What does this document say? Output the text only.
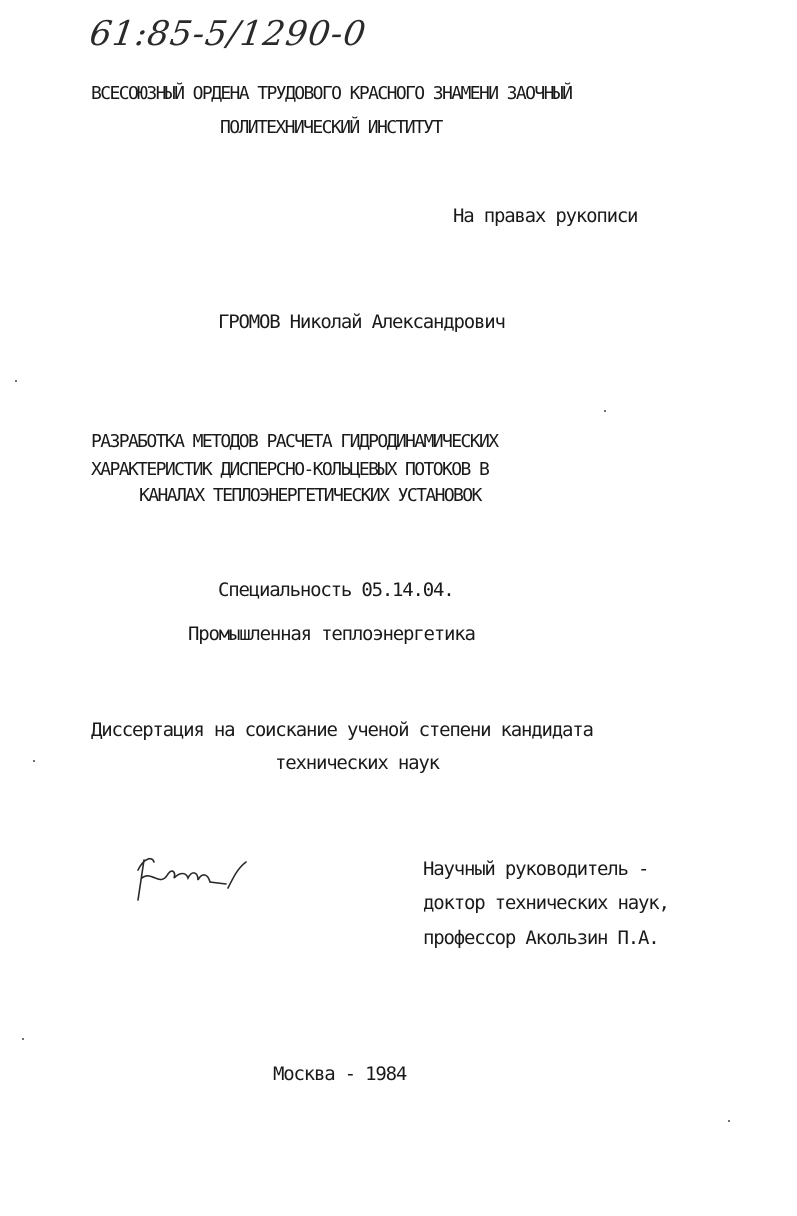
61:85-5/1290-0
ВСЕСОЮЗНЫЙ ОРДЕНА ТРУДОВОГО КРАСНОГО ЗНАМЕНИ ЗАОЧНЫЙ
ПОЛИТЕХНИЧЕСКИЙ ИНСТИТУТ
На правах рукописи
ГРОМОВ Николай Александрович
РАЗРАБОТКА МЕТОДОВ РАСЧЕТА ГИДРОДИНАМИЧЕСКИХ
ХАРАКТЕРИСТИК ДИСПЕРСНО-КОЛЬЦЕВЫХ ПОТОКОВ В
КАНАЛАХ ТЕПЛОЭНЕРГЕТИЧЕСКИХ УСТАНОВОК
Специальность 05.14.04.
Промышленная теплоэнергетика
Диссертация на соискание ученой степени кандидата
технических наук
Научный руководитель -
доктор технических наук,
профессор Акользин П.А.
Москва - 1984
